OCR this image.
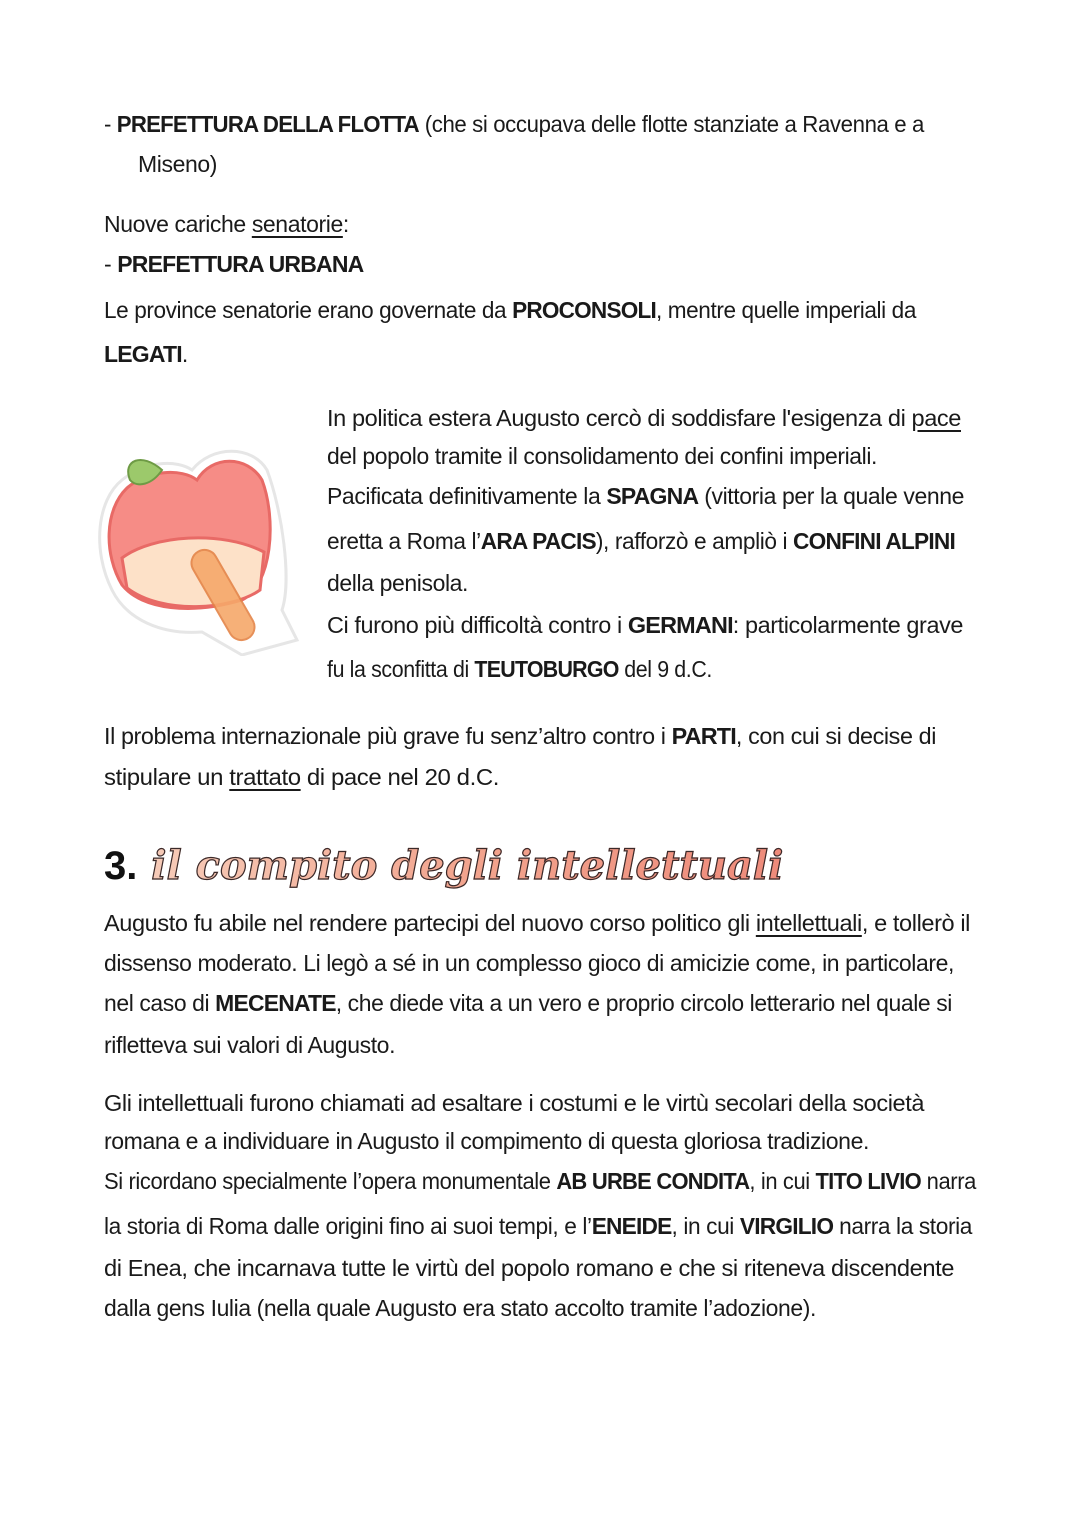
- PREFETTURA DELLA FLOTTA (che si occupava delle flotte stanziate a Ravenna e a
Miseno)
Nuove cariche senatorie:
- PREFETTURA URBANA
Le province senatorie erano governate da PROCONSOLI, mentre quelle imperiali da
LEGATI.
In politica estera Augusto cercò di soddisfare l'esigenza di pace
del popolo tramite il consolidamento dei confini imperiali.
Pacificata definitivamente la SPAGNA (vittoria per la quale venne
eretta a Roma l’ARA PACIS), rafforzò e ampliò i CONFINI ALPINI
della penisola.
Ci furono più difficoltà contro i GERMANI: particolarmente grave
fu la sconfitta di TEUTOBURGO del 9 d.C.
Il problema internazionale più grave fu senz’altro contro i PARTI, con cui si decise di
stipulare un trattato di pace nel 20 d.C.
Augusto fu abile nel rendere partecipi del nuovo corso politico gli intellettuali, e tollerò il
dissenso moderato. Li legò a sé in un complesso gioco di amicizie come, in particolare,
nel caso di MECENATE, che diede vita a un vero e proprio circolo letterario nel quale si
rifletteva sui valori di Augusto.
Gli intellettuali furono chiamati ad esaltare i costumi e le virtù secolari della società
romana e a individuare in Augusto il compimento di questa gloriosa tradizione.
Si ricordano specialmente l’opera monumentale AB URBE CONDITA, in cui TITO LIVIO narra
la storia di Roma dalle origini fino ai suoi tempi, e l’ENEIDE, in cui VIRGILIO narra la storia
di Enea, che incarnava tutte le virtù del popolo romano e che si riteneva discendente
dalla gens Iulia (nella quale Augusto era stato accolto tramite l’adozione).
3. il compito degli intellettuali
